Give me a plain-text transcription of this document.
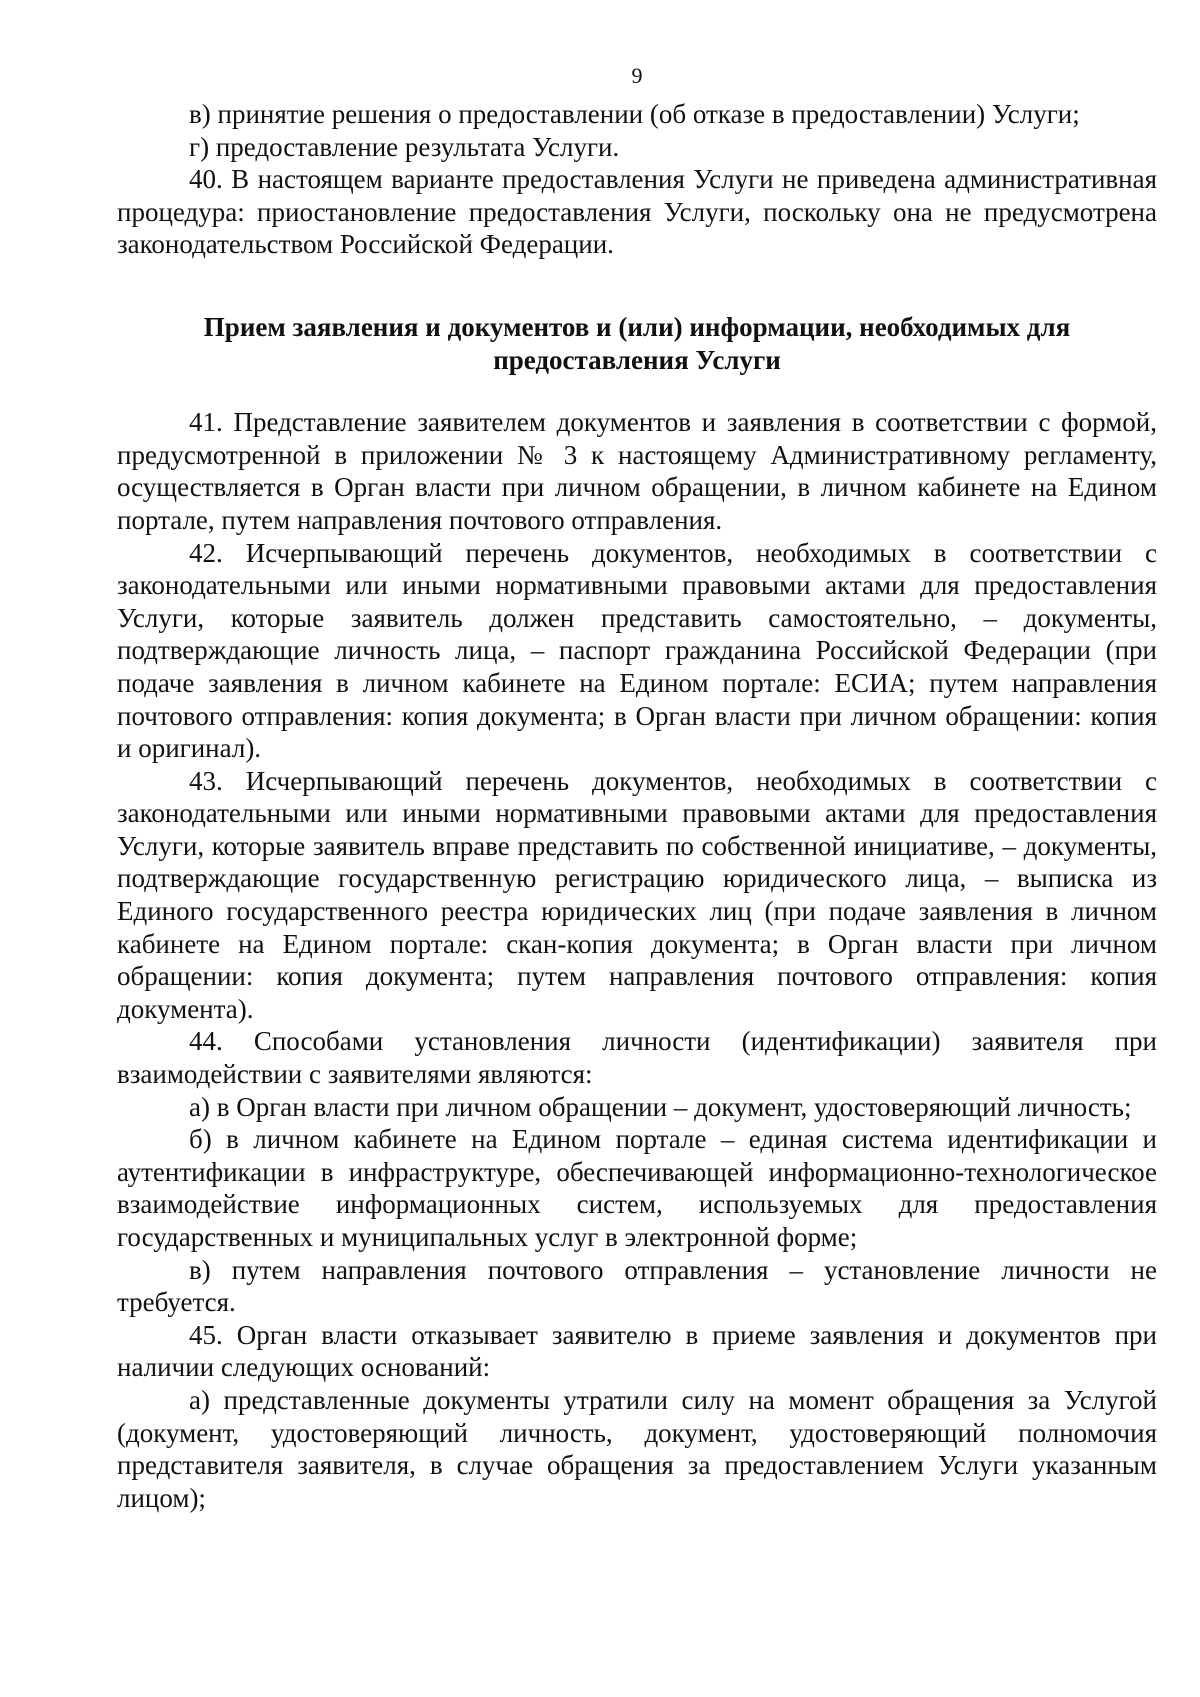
9

в) принятие решения о предоставлении (об отказе в предоставлении) Услуги;

г) предоставление результата Услуги.

40. В настоящем варианте предоставления Услуги не приведена административная процедура: приостановление предоставления Услуги, поскольку она не предусмотрена законодательством Российской Федерации.

Прием заявления и документов и (или) информации, необходимых для
предоставления Услуги

41. Представление заявителем документов и заявления в соответствии с формой, предусмотренной в приложении № 3 к настоящему Административному регламенту, осуществляется в Орган власти при личном обращении, в личном кабинете на Едином портале, путем направления почтового отправления.

42. Исчерпывающий перечень документов, необходимых в соответствии с законодательными или иными нормативными правовыми актами для предоставления Услуги, которые заявитель должен представить самостоятельно, – документы, подтверждающие личность лица, – паспорт гражданина Российской Федерации (при подаче заявления в личном кабинете на Едином портале: ЕСИА; путем направления почтового отправления: копия документа; в Орган власти при личном обращении: копия и оригинал).

43. Исчерпывающий перечень документов, необходимых в соответствии с законодательными или иными нормативными правовыми актами для предоставления Услуги, которые заявитель вправе представить по собственной инициативе, – документы, подтверждающие государственную регистрацию юридического лица, – выписка из Единого государственного реестра юридических лиц (при подаче заявления в личном кабинете на Едином портале: скан-копия документа; в Орган власти при личном обращении: копия документа; путем направления почтового отправления: копия документа).

44. Способами установления личности (идентификации) заявителя при взаимодействии с заявителями являются:

а) в Орган власти при личном обращении – документ, удостоверяющий личность;

б) в личном кабинете на Едином портале – единая система идентификации и аутентификации в инфраструктуре, обеспечивающей информационно-технологическое взаимодействие информационных систем, используемых для предоставления государственных и муниципальных услуг в электронной форме;

в) путем направления почтового отправления – установление личности не требуется.

45. Орган власти отказывает заявителю в приеме заявления и документов при наличии следующих оснований:

а) представленные документы утратили силу на момент обращения за Услугой (документ, удостоверяющий личность, документ, удостоверяющий полномочия представителя заявителя, в случае обращения за предоставлением Услуги указанным лицом);
